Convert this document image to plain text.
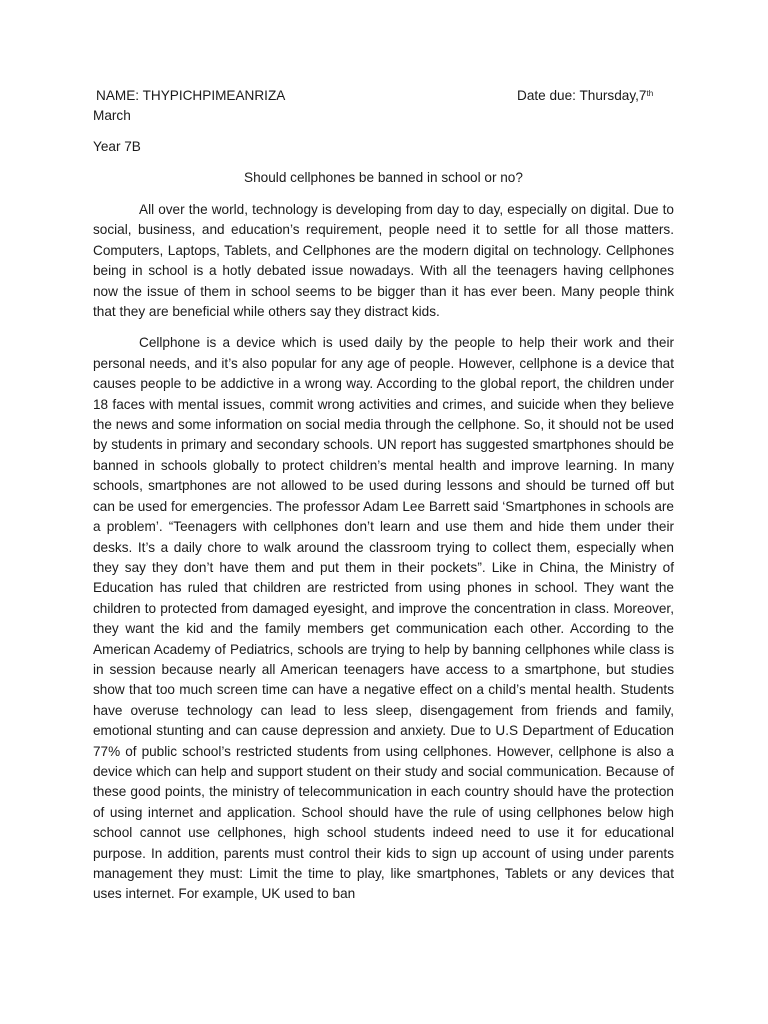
NAME: THYPICHPIMEANRIZA	Date due: Thursday,7th
March
Year 7B
Should cellphones be banned in school or no?

All over the world, technology is developing from day to day, especially on digital. Due to social, business, and education’s requirement, people need it to settle for all those matters. Computers, Laptops, Tablets, and Cellphones are the modern digital on technology. Cellphones being in school is a hotly debated issue nowadays. With all the teenagers having cellphones now the issue of them in school seems to be bigger than it has ever been. Many people think that they are beneficial while others say they distract kids.

Cellphone is a device which is used daily by the people to help their work and their personal needs, and it’s also popular for any age of people. However, cellphone is a device that causes people to be addictive in a wrong way. According to the global report, the children under 18 faces with mental issues, commit wrong activities and crimes, and suicide when they believe the news and some information on social media through the cellphone. So, it should not be used by students in primary and secondary schools. UN report has suggested smartphones should be banned in schools globally to protect children’s mental health and improve learning. In many schools, smartphones are not allowed to be used during lessons and should be turned off but can be used for emergencies. The professor Adam Lee Barrett said ‘Smartphones in schools are a problem’. “Teenagers with cellphones don’t learn and use them and hide them under their desks. It’s a daily chore to walk around the classroom trying to collect them, especially when they say they don’t have them and put them in their pockets”. Like in China, the Ministry of Education has ruled that children are restricted from using phones in school. They want the children to protected from damaged eyesight, and improve the concentration in class. Moreover, they want the kid and the family members get communication each other. According to the American Academy of Pediatrics, schools are trying to help by banning cellphones while class is in session because nearly all American teenagers have access to a smartphone, but studies show that too much screen time can have a negative effect on a child’s mental health. Students have overuse technology can lead to less sleep, disengagement from friends and family, emotional stunting and can cause depression and anxiety. Due to U.S Department of Education 77% of public school’s restricted students from using cellphones. However, cellphone is also a device which can help and support student on their study and social communication. Because of these good points, the ministry of telecommunication in each country should have the protection of using internet and application. School should have the rule of using cellphones below high school cannot use cellphones, high school students indeed need to use it for educational purpose. In addition, parents must control their kids to sign up account of using under parents management they must: Limit the time to play, like smartphones, Tablets or any devices that uses internet. For example, UK used to ban
